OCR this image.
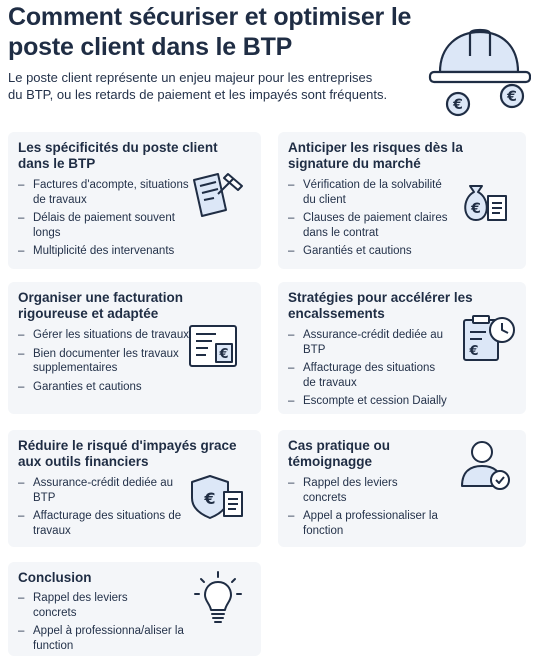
Comment sécuriser et optimiser le poste client dans le BTP

Le poste client représente un enjeu majeur pour les entreprises du BTP, ou les retards de paiement et les impayés sont fréquents.

€	€
Les spécificités du poste client dans le BTP
– Factures d'acompte, situations de travaux
– Délais de paiement souvent longs
– Multiplicité des intervenants
Anticiper les risques dès la signature du marché
– Vérification de la solvabilité du client
– Clauses de paiement claires dans le contrat
– Garantiés et cautions
€
Organiser une facturation rigoureuse et adaptée
– Gérer les situations de travaux
– Bien documenter les travaux supplementaires
– Garanties et cautions
€
Stratégies pour accélérer les encalssements
– Assurance-crédit dediée au BTP
– Affacturage des situations de travaux
– Escompte et cession Daially
€
Réduire le risqué d'impayés grace aux outils financiers
– Assurance-crédit dediée au BTP
– Affacturage des situations de travaux
€
Cas pratique ou témoignagge
– Rappel des leviers concrets
– Appel a professionaliser la fonction
Conclusion
– Rappel des leviers concrets
– Appel à professionna/aliser la function
